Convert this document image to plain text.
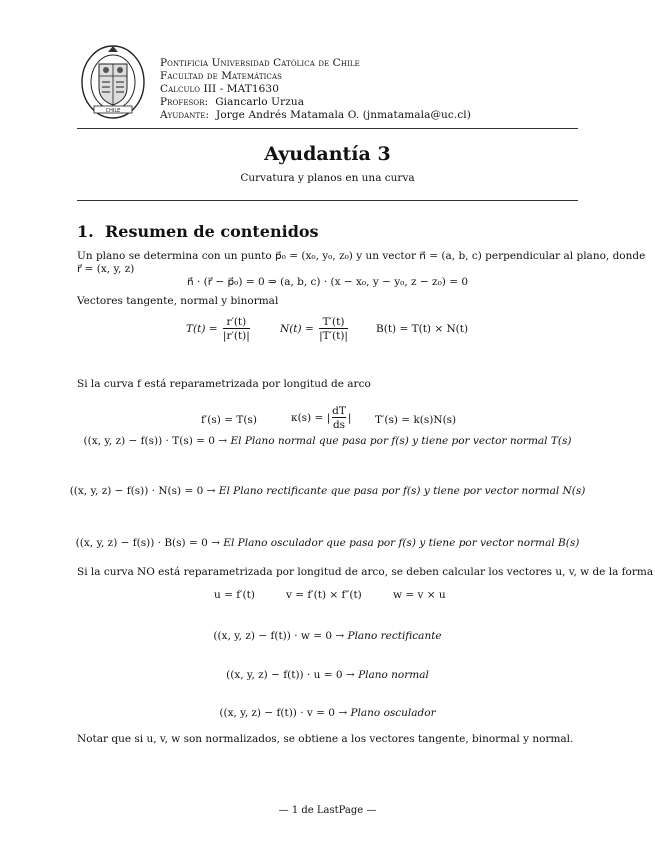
CHILE
Pontificia Universidad Católica de Chile
Facultad de Matemáticas
Calculo III - MAT1630
Profesor: Giancarlo Urzua
Ayudante: Jorge Andrés Matamala O. (jnmatamala@uc.cl)
Ayudantía 3
Curvatura y planos en una curva
1. Resumen de contenidos
Un plano se determina con un punto p⃗₀ = (x₀, y₀, z₀) y un vector n⃗ = (a, b, c) perpendicular al plano, donde
r⃗ = (x, y, z)
n⃗ · (r⃗ − p⃗₀) = 0 ⇒ (a, b, c) · (x − x₀, y − y₀, z − z₀) = 0
Vectores tangente, normal y binormal
$T(t) = \frac{r'(t)}{|r'(t)|}$	$N(t) = \frac{T'(t)}{|T'(t)|}$	B(t) = T(t) × N(t)
Si la curva f está reparametrizada por longitud de arco
f′(s) = T(s)	κ(s) = | $\frac{dT}{ds}$ | T′(s) = k(s)N(s)
((x, y, z) − f(s)) · T(s) = 0 → El Plano normal que pasa por f(s) y tiene por vector normal T(s)
((x, y, z) − f(s)) · N(s) = 0 → El Plano rectificante que pasa por f(s) y tiene por vector normal N(s)
((x, y, z) − f(s)) · B(s) = 0 → El Plano osculador que pasa por f(s) y tiene por vector normal B(s)
Si la curva NO está reparametrizada por longitud de arco, se deben calcular los vectores u, v, w de la forma
u = f′(t)	v = f′(t) × f″(t)	w = v × u
((x, y, z) − f(t)) · w = 0 → Plano rectificante
((x, y, z) − f(t)) · u = 0 → Plano normal
((x, y, z) − f(t)) · v = 0 → Plano osculador
Notar que si u, v, w son normalizados, se obtiene a los vectores tangente, binormal y normal.
— 1 de LastPage —
